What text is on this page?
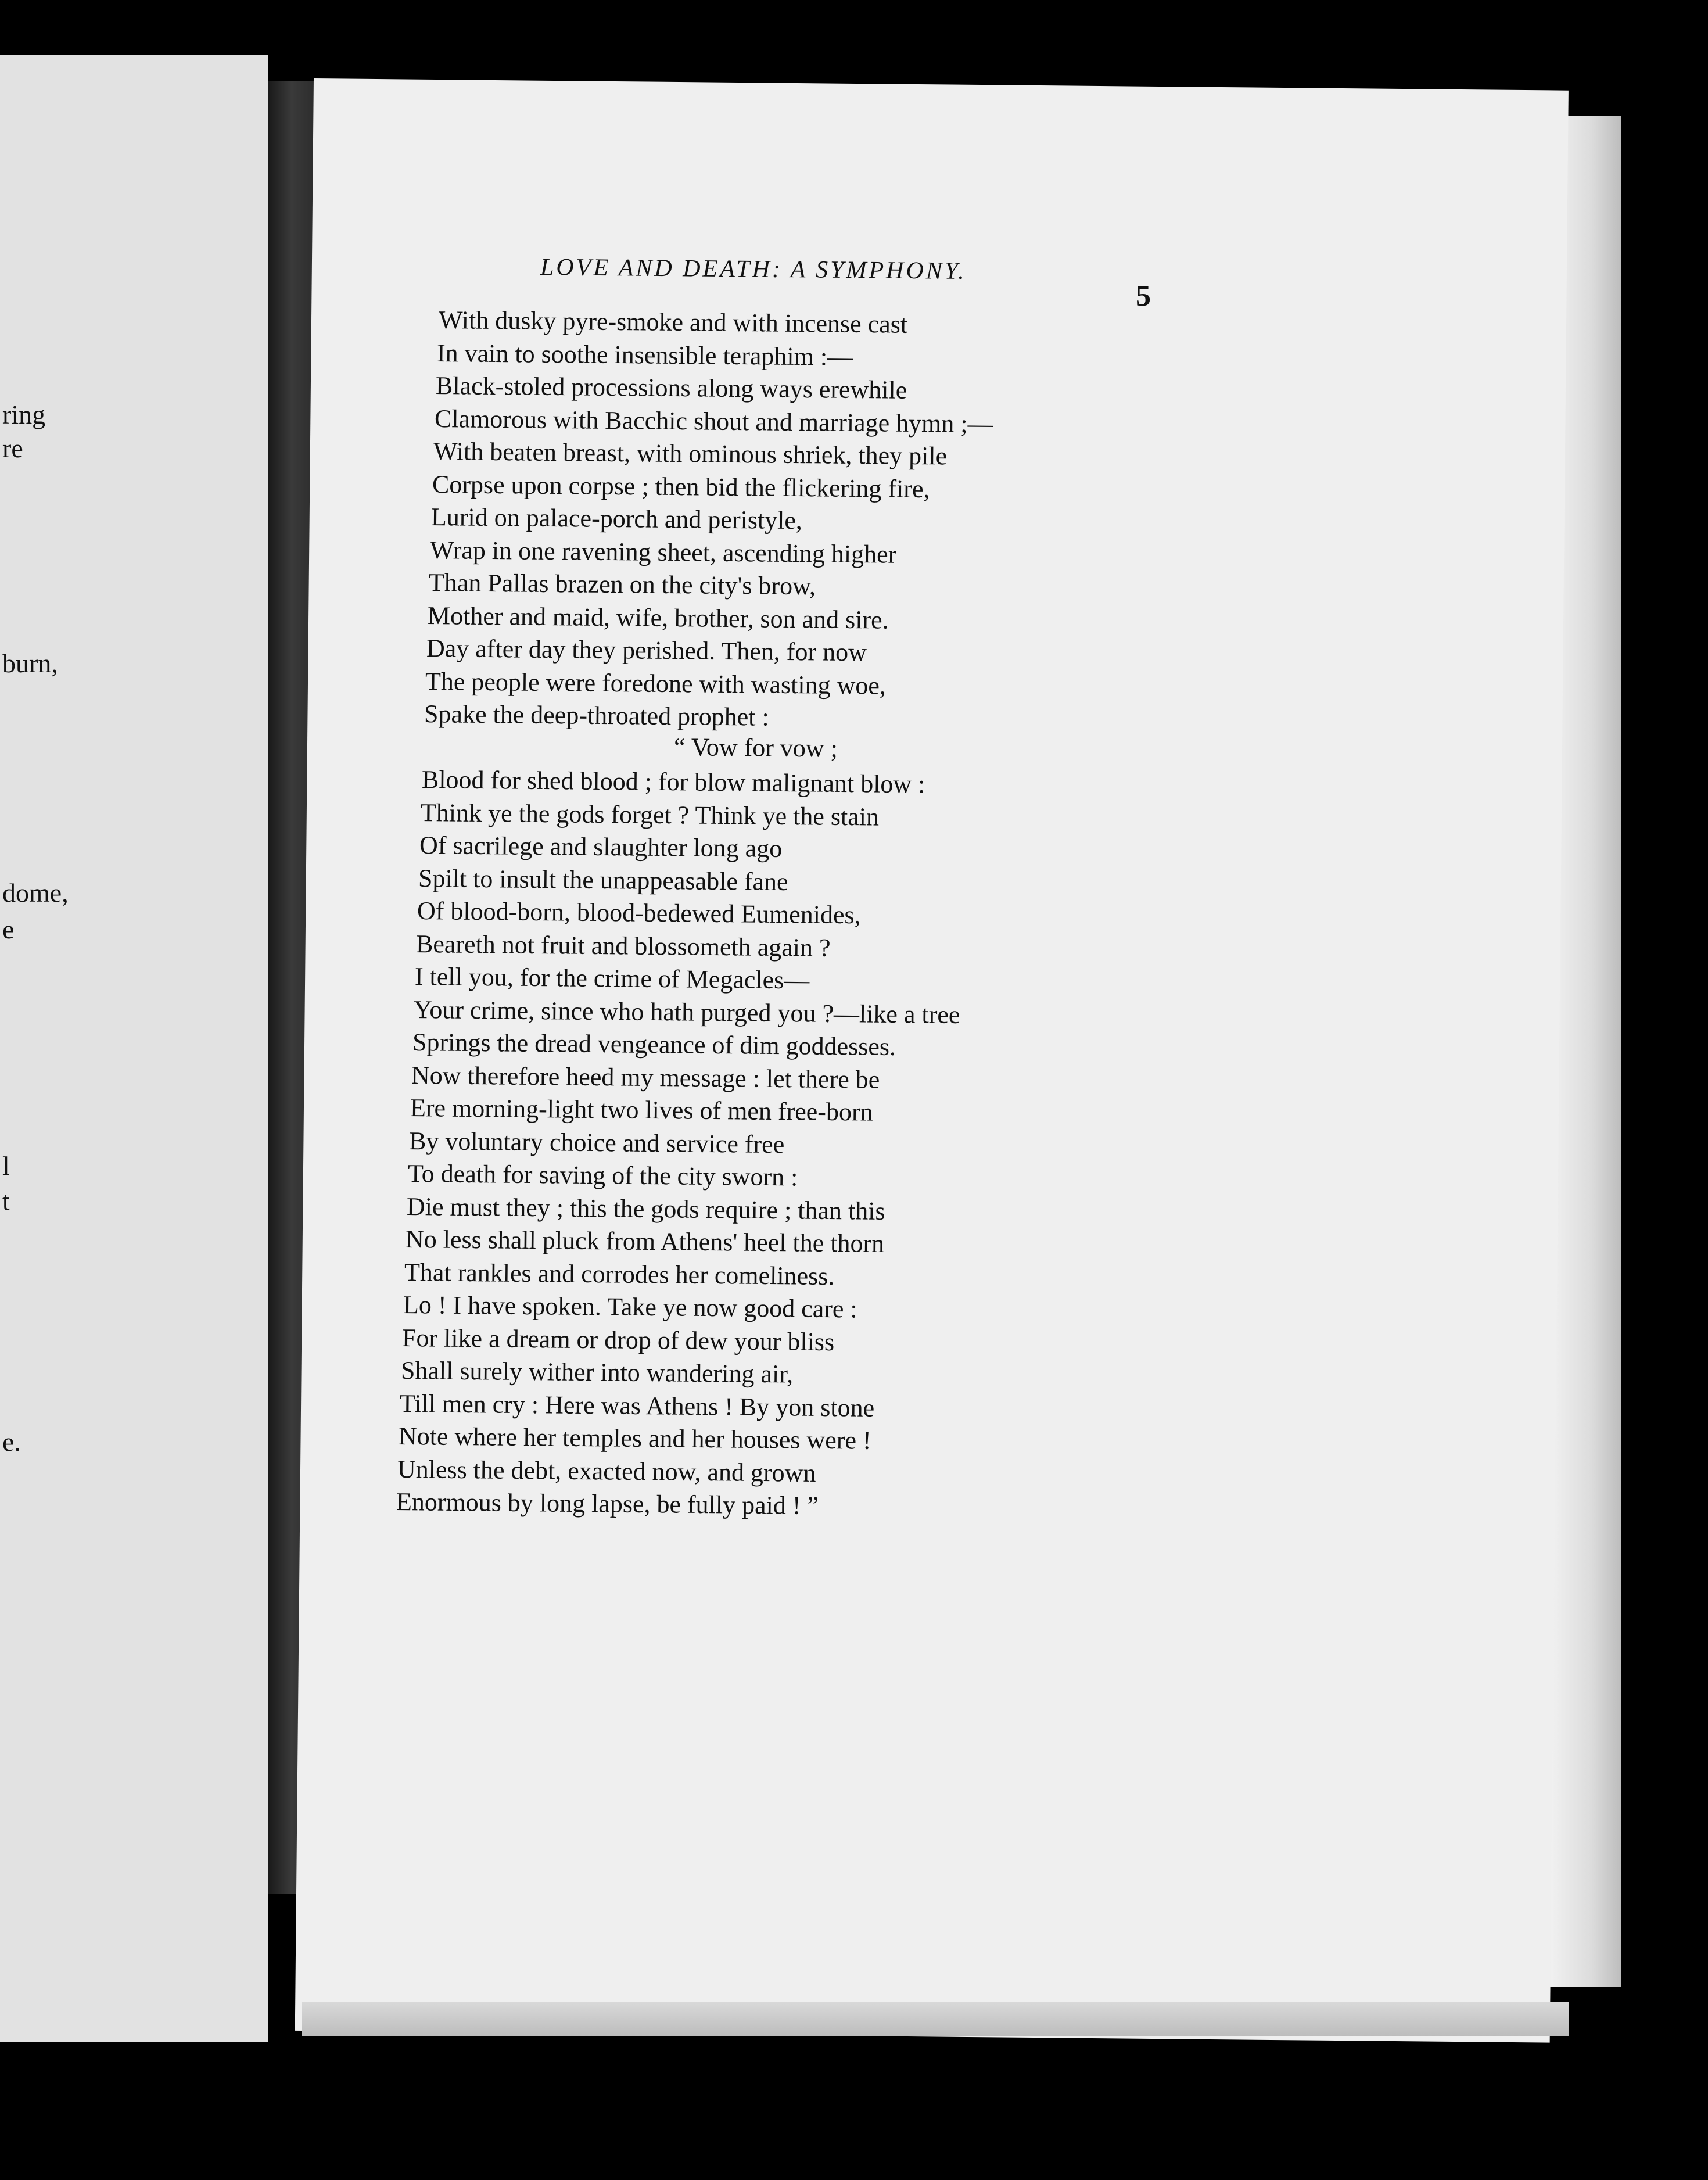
ring
re
burn,
dome,
e
l
t
e.
LOVE AND DEATH: A SYMPHONY.
5
With dusky pyre-smoke and with incense cast
In vain to soothe insensible teraphim :—
Black-stoled processions along ways erewhile
Clamorous with Bacchic shout and marriage hymn ;—
With beaten breast, with ominous shriek, they pile
Corpse upon corpse ; then bid the flickering fire,
Lurid on palace-porch and peristyle,
Wrap in one ravening sheet, ascending higher
Than Pallas brazen on the city's brow,
Mother and maid, wife, brother, son and sire.
Day after day they perished. Then, for now
The people were foredone with wasting woe,
Spake the deep-throated prophet :
“ Vow for vow ;
Blood for shed blood ; for blow malignant blow :
Think ye the gods forget ? Think ye the stain
Of sacrilege and slaughter long ago
Spilt to insult the unappeasable fane
Of blood-born, blood-bedewed Eumenides,
Beareth not fruit and blossometh again ?
I tell you, for the crime of Megacles—
Your crime, since who hath purged you ?—like a tree
Springs the dread vengeance of dim goddesses.
Now therefore heed my message : let there be
Ere morning-light two lives of men free-born
By voluntary choice and service free
To death for saving of the city sworn :
Die must they ; this the gods require ; than this
No less shall pluck from Athens' heel the thorn
That rankles and corrodes her comeliness.
Lo ! I have spoken. Take ye now good care :
For like a dream or drop of dew your bliss
Shall surely wither into wandering air,
Till men cry : Here was Athens ! By yon stone
Note where her temples and her houses were !
Unless the debt, exacted now, and grown
Enormous by long lapse, be fully paid ! ”
